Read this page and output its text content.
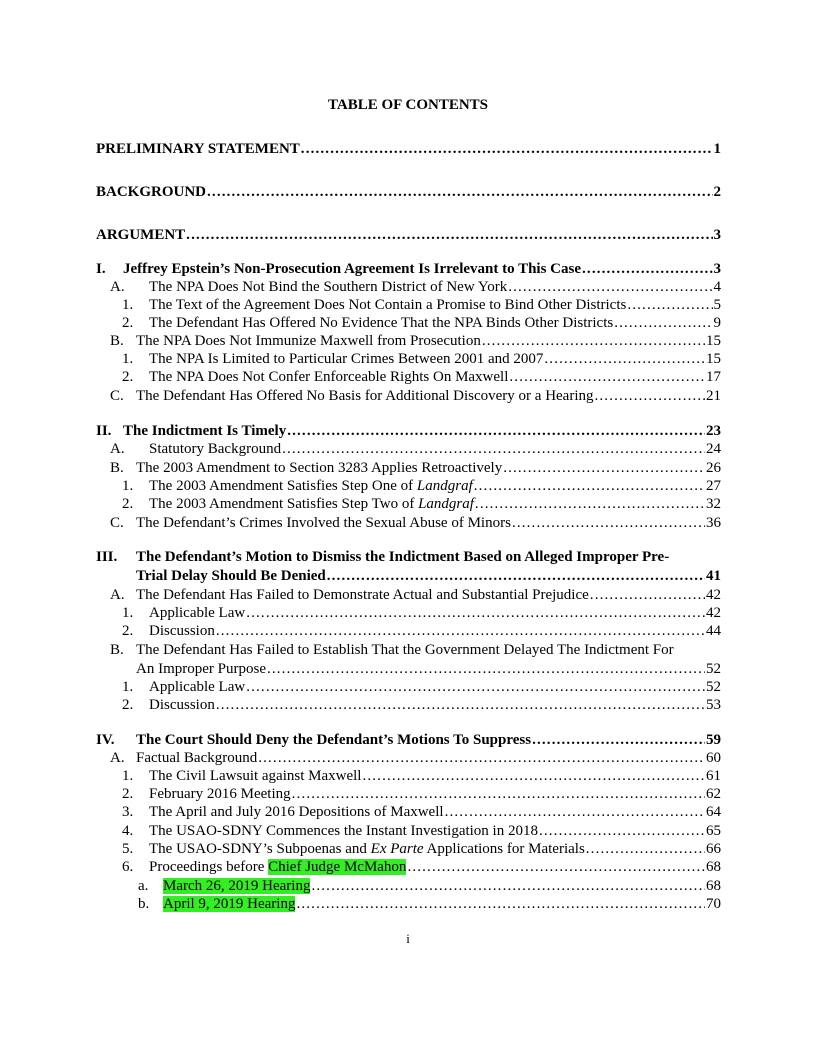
TABLE OF CONTENTS
PRELIMINARY STATEMENT . . .	1
BACKGROUND . . .	2
ARGUMENT . . .	3
I.	Jeffrey Epstein’s Non-Prosecution Agreement Is Irrelevant to This Case . . .	3
A.	The NPA Does Not Bind the Southern District of New York . . .	4
1.	The Text of the Agreement Does Not Contain a Promise to Bind Other Districts . . .	5
2.	The Defendant Has Offered No Evidence That the NPA Binds Other Districts . . .	9
B. The NPA Does Not Immunize Maxwell from Prosecution . . .	15
1.	The NPA Is Limited to Particular Crimes Between 2001 and 2007 . . .	15
2.	The NPA Does Not Confer Enforceable Rights On Maxwell . . .	17
C. The Defendant Has Offered No Basis for Additional Discovery or a Hearing . . .	21
II. The Indictment Is Timely . . .	23
A.	Statutory Background . . .	24
B. The 2003 Amendment to Section 3283 Applies Retroactively . . .	26
1.	The 2003 Amendment Satisfies Step One of Landgraf . . .	27
2.	The 2003 Amendment Satisfies Step Two of Landgraf . . .	32
C. The Defendant’s Crimes Involved the Sexual Abuse of Minors . . .	36
III.	The Defendant’s Motion to Dismiss the Indictment Based on Alleged Improper Pre-
Trial Delay Should Be Denied . . .	41
A. The Defendant Has Failed to Demonstrate Actual and Substantial Prejudice . . .	42
1.	Applicable Law . . .	42
2.	Discussion . . .	44
B. The Defendant Has Failed to Establish That the Government Delayed The Indictment For
An Improper Purpose . . .	52
1.	Applicable Law . . .	52
2.	Discussion . . .	53
IV.	The Court Should Deny the Defendant’s Motions To Suppress . . .	59
A. Factual Background . . .	60
1.	The Civil Lawsuit against Maxwell . . .	61
2.	February 2016 Meeting . . .	62
3.	The April and July 2016 Depositions of Maxwell . . .	64
4.	The USAO-SDNY Commences the Instant Investigation in 2018 . . .	65
5.	The USAO-SDNY’s Subpoenas and Ex Parte Applications for Materials . . .	66
6.	Proceedings before Chief Judge McMahon . . .	68
a. March 26, 2019 Hearing . . .	68
b. April 9, 2019 Hearing . . .	70
i
